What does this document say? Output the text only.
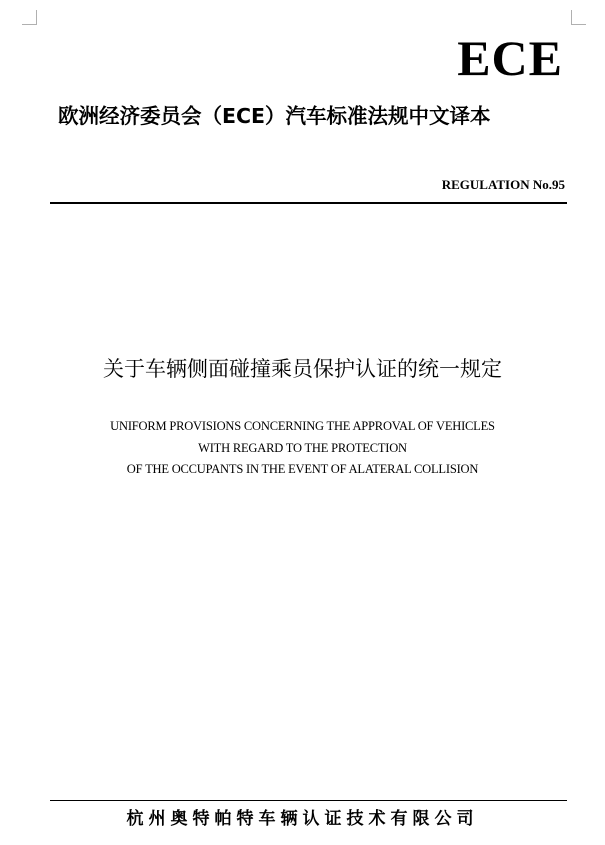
ECE
欧洲经济委员会（ECE）汽车标准法规中文译本
REGULATION No.95
关于车辆侧面碰撞乘员保护认证的统一规定
UNIFORM PROVISIONS CONCERNING THE APPROVAL OF VEHICLES
WITH REGARD TO THE PROTECTION
OF THE OCCUPANTS IN THE EVENT OF ALATERAL COLLISION
杭州奥特帕特车辆认证技术有限公司
